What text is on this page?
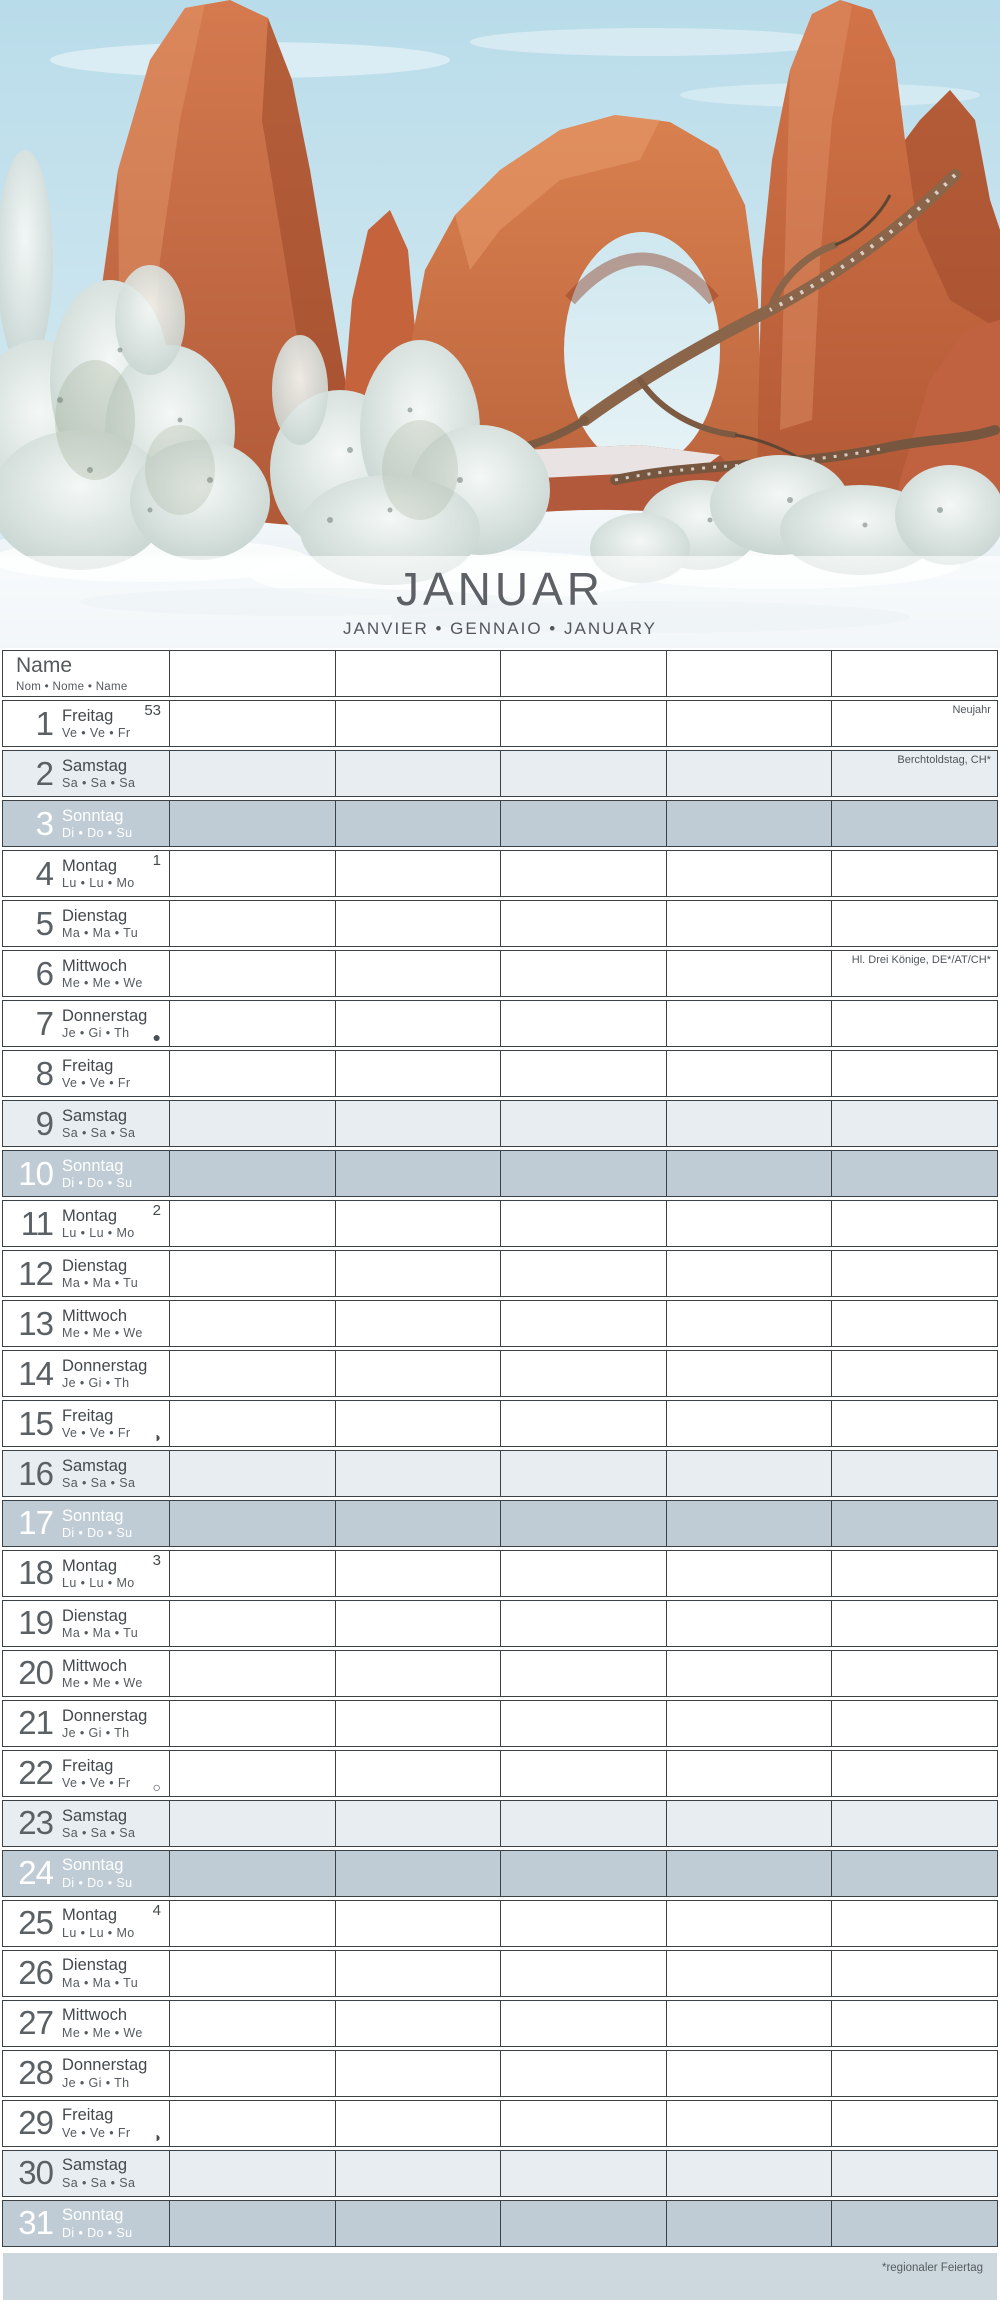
JANUAR
JANVIER • GENNAIO • JANUARY
Name
Nom • Nome • Name
1 Freitag
Ve • Ve • Fr
53	Neujahr
2 Samstag
Sa • Sa • Sa
Berchtoldstag, CH*
3 Sonntag
Di • Do • Su
4 Montag
Lu • Lu • Mo
1
5 Dienstag
Ma • Ma • Tu
6 Mittwoch
Me • Me • We
Hl. Drei Könige, DE*/AT/CH*
7 Donnerstag
Je • Gi • Th	●
8 Freitag
Ve • Ve • Fr
9 Samstag
Sa • Sa • Sa
10 Sonntag
Di • Do • Su
11 Montag
Lu • Lu • Mo
2
12 Dienstag
Ma • Ma • Tu
13 Mittwoch
Me • Me • We
14 Donnerstag
Je • Gi • Th
15 Freitag
Ve • Ve • Fr ◑
16 Samstag
Sa • Sa • Sa
17 Sonntag
Di • Do • Su
18 Montag
Lu • Lu • Mo
3
19 Dienstag
Ma • Ma • Tu
20 Mittwoch
Me • Me • We
21 Donnerstag
Je • Gi • Th
22 Freitag
Ve • Ve • Fr ○
23 Samstag
Sa • Sa • Sa
24 Sonntag
Di • Do • Su
25 Montag
Lu • Lu • Mo
4
26 Dienstag
Ma • Ma • Tu
27 Mittwoch
Me • Me • We
28 Donnerstag
Je • Gi • Th
29 Freitag
Ve • Ve • Fr ◑
30 Samstag
Sa • Sa • Sa
31 Sonntag
Di • Do • Su
*regionaler Feiertag
